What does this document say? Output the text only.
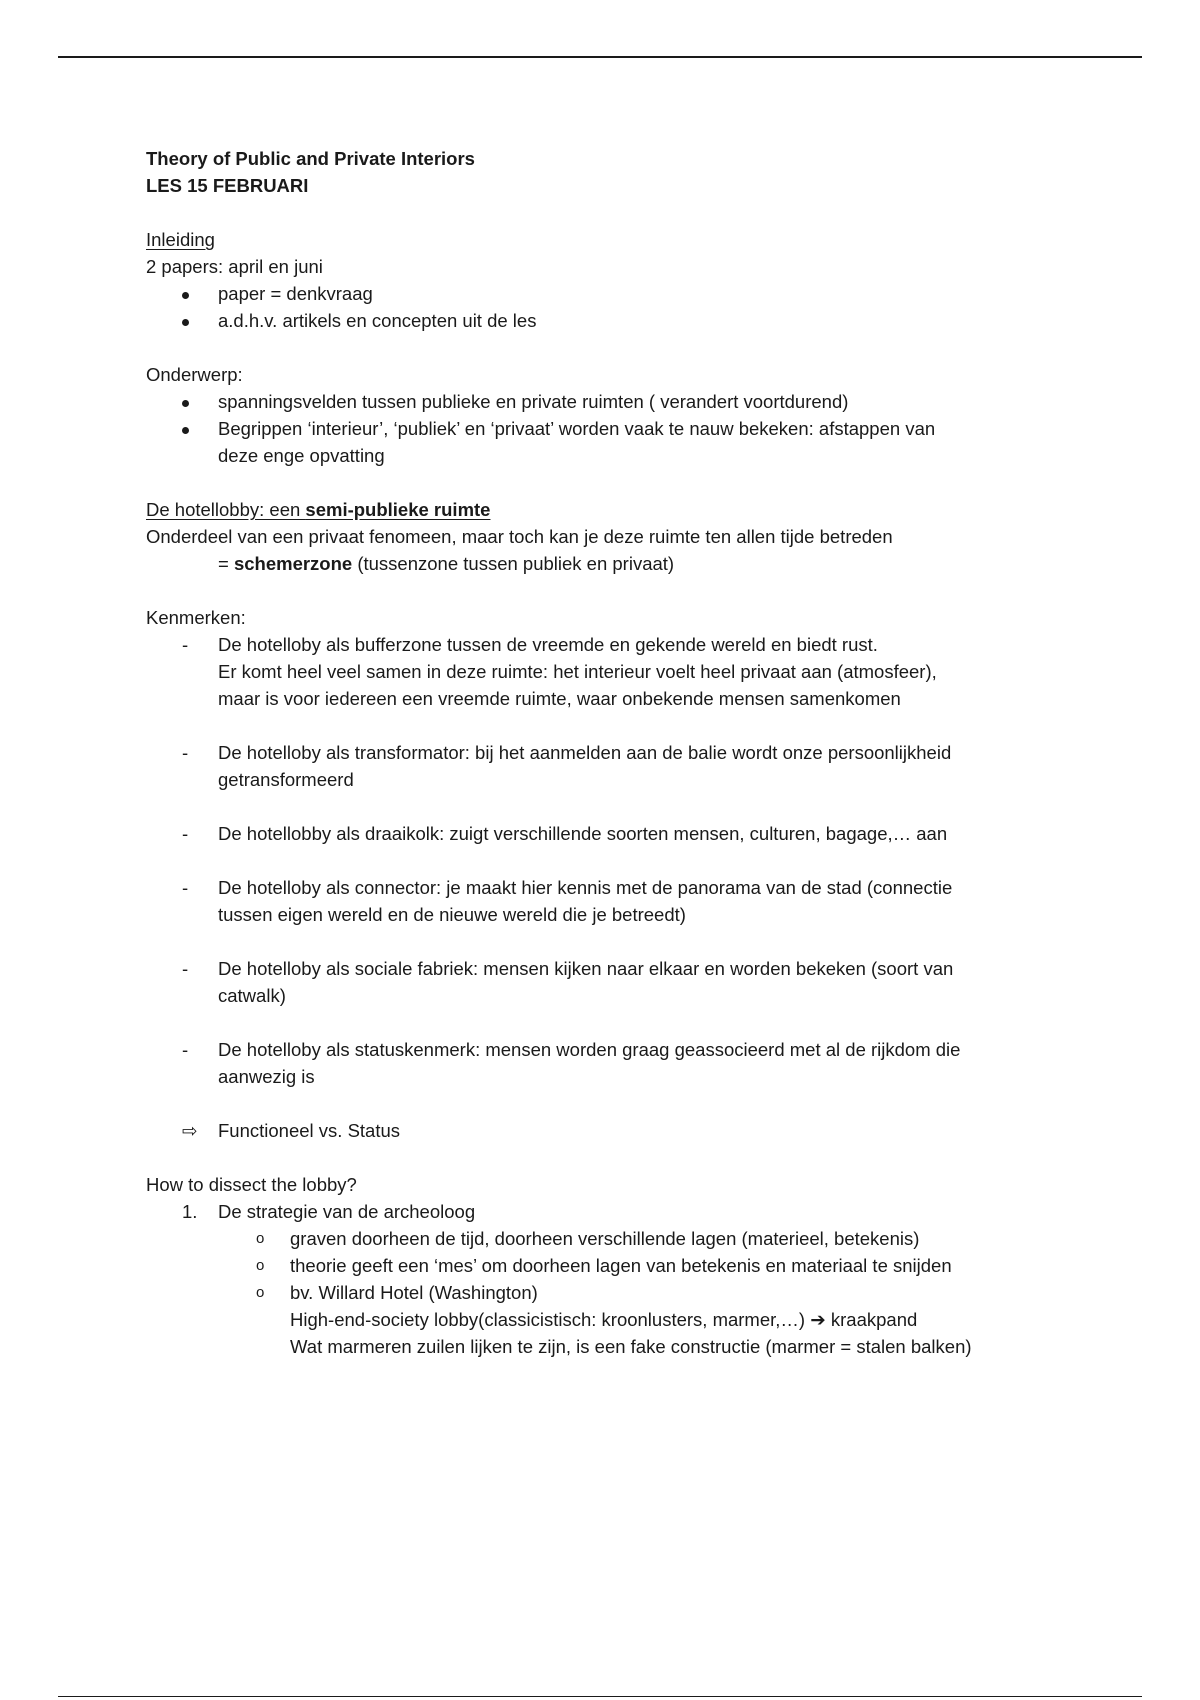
Theory of Public and Private Interiors

LES 15 FEBRUARI

Inleiding

2 papers: april en juni

paper = denkvraag
a.d.h.v. artikels en concepten uit de les

Onderwerp:

spanningsvelden tussen publieke en private ruimten ( verandert voortdurend)
Begrippen ‘interieur’, ‘publiek’ en ‘privaat’ worden vaak te nauw bekeken: afstappen van

deze enge opvatting

De hotellobby: een semi-publieke ruimte

Onderdeel van een privaat fenomeen, maar toch kan je deze ruimte ten allen tijde betreden

= schemerzone (tussenzone tussen publiek en privaat)

Kenmerken:

- De hotelloby als bufferzone tussen de vreemde en gekende wereld en biedt rust.

Er komt heel veel samen in deze ruimte: het interieur voelt heel privaat aan (atmosfeer),

maar is voor iedereen een vreemde ruimte, waar onbekende mensen samenkomen

- De hotelloby als transformator: bij het aanmelden aan de balie wordt onze persoonlijkheid

getransformeerd

- De hotellobby als draaikolk: zuigt verschillende soorten mensen, culturen, bagage,… aan
- De hotelloby als connector: je maakt hier kennis met de panorama van de stad (connectie

tussen eigen wereld en de nieuwe wereld die je betreedt)

- De hotelloby als sociale fabriek: mensen kijken naar elkaar en worden bekeken (soort van

catwalk)

- De hotelloby als statuskenmerk: mensen worden graag geassocieerd met al de rijkdom die

aanwezig is

⇨ Functioneel vs. Status

How to dissect the lobby?

1. De strategie van de archeoloog
o graven doorheen de tijd, doorheen verschillende lagen (materieel, betekenis)
o theorie geeft een ‘mes’ om doorheen lagen van betekenis en materiaal te snijden
o bv. Willard Hotel (Washington)

High-end-society lobby(classicistisch: kroonlusters, marmer,…) ➔ kraakpand

Wat marmeren zuilen lijken te zijn, is een fake constructie (marmer = stalen balken)
